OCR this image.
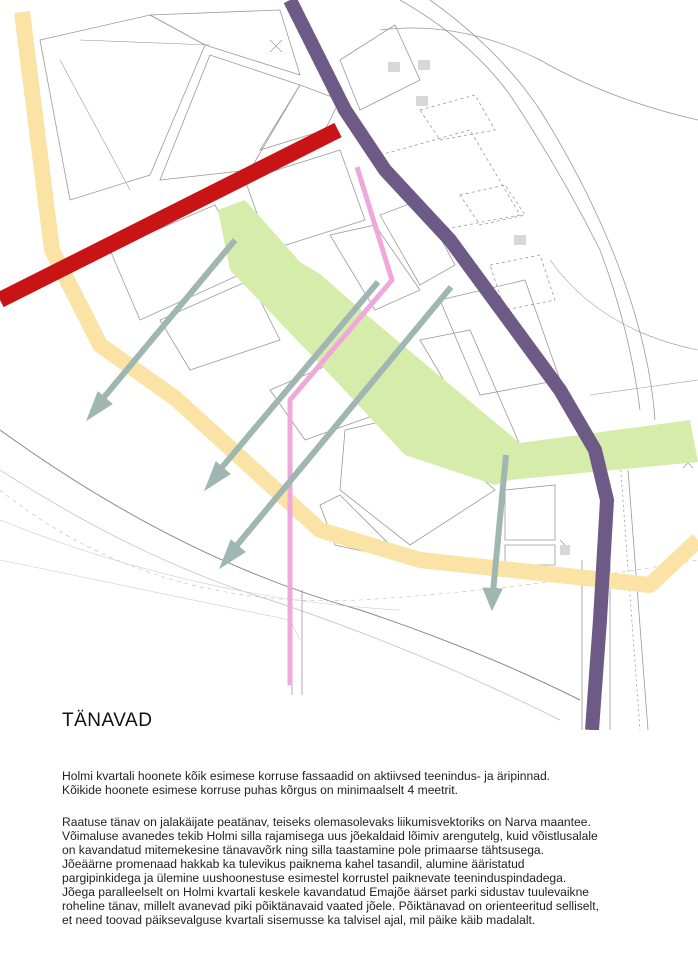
TÄNAVAD

Holmi kvartali hoonete kõik esimese korruse fassaadid on aktiivsed teenindus- ja äripinnad.

Kõikide hoonete esimese korruse puhas kõrgus on minimaalselt 4 meetrit.

Raatuse tänav on jalakäijate peatänav, teiseks olemasolevaks liikumisvektoriks on Narva maantee.

Võimaluse avanedes tekib Holmi silla rajamisega uus jõekaldaid lõimiv arengutelg, kuid võistlusalale

on kavandatud mitemekesine tänavavõrk ning silla taastamine pole primaarse tähtsusega.

Jõeäärne promenaad hakkab ka tulevikus paiknema kahel tasandil, alumine ääristatud

pargipinkidega ja ülemine uushoonestuse esimestel korrustel paiknevate teeninduspindadega.

Jõega paralleelselt on Holmi kvartali keskele kavandatud Emajõe äärset parki sidustav tuulevaikne

roheline tänav, millelt avanevad piki põiktänavaid vaated jõele. Põiktänavad on orienteeritud selliselt,

et need toovad päiksevalguse kvartali sisemusse ka talvisel ajal, mil päike käib madalalt.
